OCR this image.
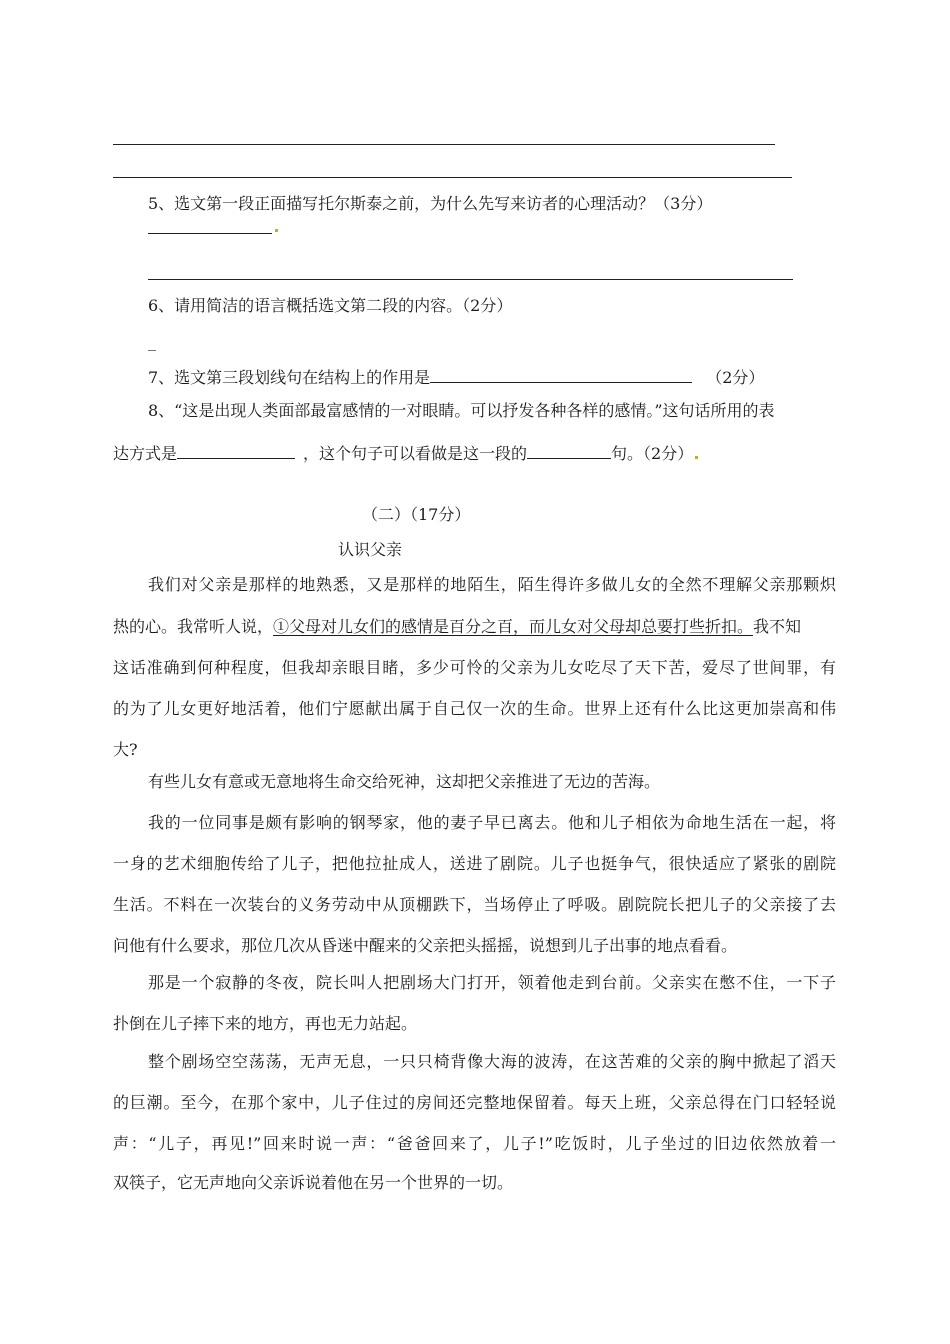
5、选文第一段正面描写托尔斯泰之前，为什么先写来访者的心理活动？（3分）
6、请用简洁的语言概括选文第二段的内容。（2分）
_
7、选文第三段划线句在结构上的作用是	（2分）
8、“这是出现人类面部最富感情的一对眼睛。可以抒发各种各样的感情。”这句话所用的表
达方式是	，这个句子可以看做是这一段的	句。（2分）
（二）（17分）
认识父亲
我们对父亲是那样的地熟悉，又是那样的地陌生，陌生得许多做儿女的全然不理解父亲那颗炽
热的心。我常听人说，①父母对儿女们的感情是百分之百，而儿女对父母却总要打些折扣。我不知
这话准确到何种程度，但我却亲眼目睹，多少可怜的父亲为儿女吃尽了天下苦，爱尽了世间罪，有
的为了儿女更好地活着，他们宁愿献出属于自己仅一次的生命。世界上还有什么比这更加崇高和伟
大?
有些儿女有意或无意地将生命交给死神，这却把父亲推进了无边的苦海。
我的一位同事是颇有影响的钢琴家，他的妻子早已离去。他和儿子相依为命地生活在一起，将
一身的艺术细胞传给了儿子，把他拉扯成人，送进了剧院。儿子也挺争气，很快适应了紧张的剧院
生活。不料在一次装台的义务劳动中从顶棚跌下，当场停止了呼吸。剧院院长把儿子的父亲接了去
问他有什么要求，那位几次从昏迷中醒来的父亲把头摇摇，说想到儿子出事的地点看看。
那是一个寂静的冬夜，院长叫人把剧场大门打开，领着他走到台前。父亲实在憋不住，一下子
扑倒在儿子摔下来的地方，再也无力站起。
整个剧场空空荡荡，无声无息，一只只椅背像大海的波涛，在这苦难的父亲的胸中掀起了滔天
的巨潮。至今，在那个家中，儿子住过的房间还完整地保留着。每天上班，父亲总得在门口轻轻说
声：“儿子，再见!”回来时说一声：“爸爸回来了，儿子!”吃饭时，儿子坐过的旧边依然放着一
双筷子，它无声地向父亲诉说着他在另一个世界的一切。
